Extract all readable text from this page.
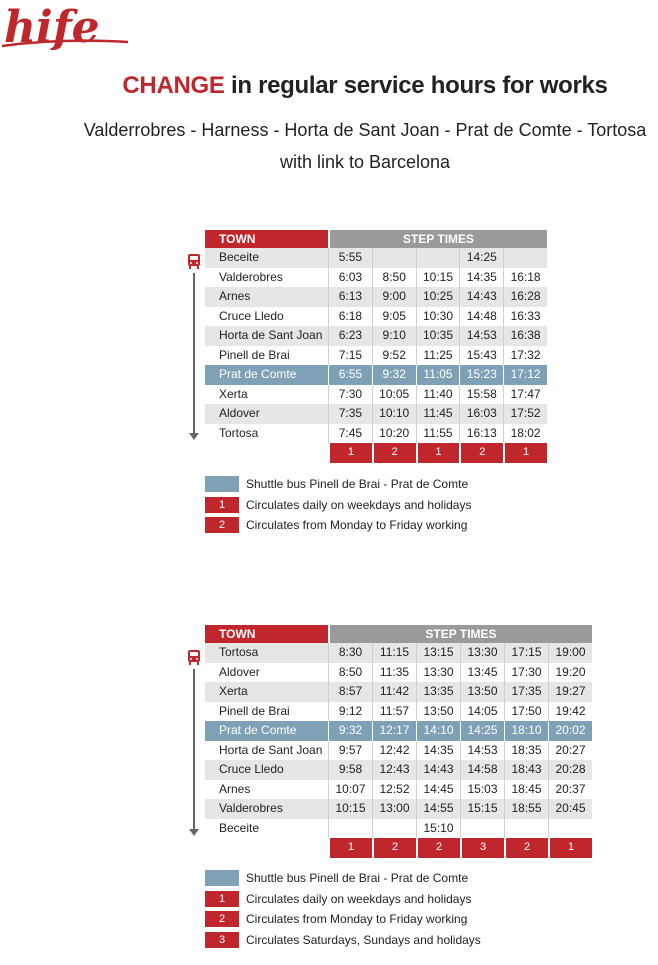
hife
CHANGE in regular service hours for works
Valderrobres - Harness - Horta de Sant Joan - Prat de Comte - Tortosa
with link to Barcelona
TOWN	STEP TIMES				
Beceite	5:55			14:25	
Valderobres	6:03	8:50	10:15	14:35	16:18
Arnes	6:13	9:00	10:25	14:43	16:28
Cruce Lledo	6:18	9:05	10:30	14:48	16:33
Horta de Sant Joan	6:23	9:10	10:35	14:53	16:38
Pinell de Brai	7:15	9:52	11:25	15:43	17:32
Prat de Comte	6:55	9:32	11:05	15:23	17:12
Xerta	7:30	10:05	11:40	15:58	17:47
Aldover	7:35	10:10	11:45	16:03	17:52
Tortosa	7:45	10:20	11:55	16:13	18:02
	1	2	1	2	1
Shuttle bus Pinell de Brai - Prat de Comte
1	Circulates daily on weekdays and holidays
2	Circulates from Monday to Friday working
TOWN	STEP TIMES					
Tortosa	8:30	11:15	13:15	13:30	17:15	19:00
Aldover	8:50	11:35	13:30	13:45	17:30	19:20
Xerta	8:57	11:42	13:35	13:50	17:35	19:27
Pinell de Brai	9:12	11:57	13:50	14:05	17:50	19:42
Prat de Comte	9:32	12:17	14:10	14:25	18:10	20:02
Horta de Sant Joan	9:57	12:42	14:35	14:53	18:35	20:27
Cruce Lledo	9:58	12:43	14:43	14:58	18:43	20:28
Arnes	10:07	12:52	14:45	15:03	18:45	20:37
Valderobres	10:15	13:00	14:55	15:15	18:55	20:45
Beceite			15:10			
	1	2	2	3	2	1
Shuttle bus Pinell de Brai - Prat de Comte
1	Circulates daily on weekdays and holidays
2	Circulates from Monday to Friday working
3	Circulates Saturdays, Sundays and holidays
